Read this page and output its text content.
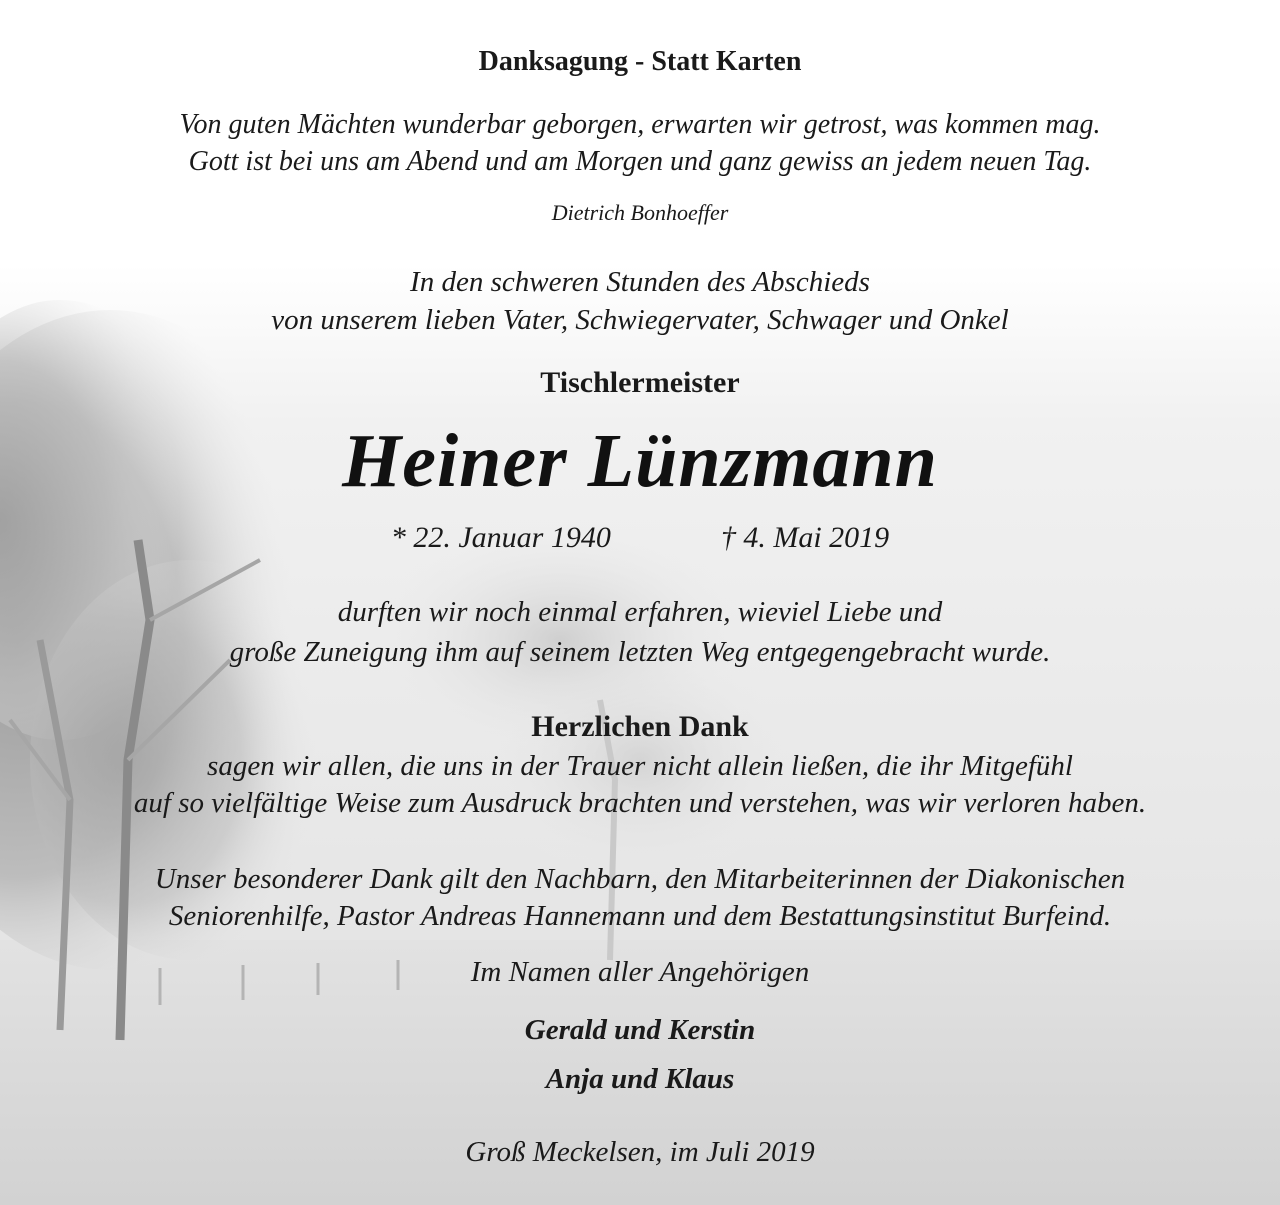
Danksagung - Statt Karten
Von guten Mächten wunderbar geborgen, erwarten wir getrost, was kommen mag.
Gott ist bei uns am Abend und am Morgen und ganz gewiss an jedem neuen Tag.
Dietrich Bonhoeffer
In den schweren Stunden des Abschieds
von unserem lieben Vater, Schwiegervater, Schwager und Onkel
Tischlermeister
Heiner Lünzmann
* 22. Januar 1940	† 4. Mai 2019
durften wir noch einmal erfahren, wieviel Liebe und
große Zuneigung ihm auf seinem letzten Weg entgegengebracht wurde.
Herzlichen Dank
sagen wir allen, die uns in der Trauer nicht allein ließen, die ihr Mitgefühl
auf so vielfältige Weise zum Ausdruck brachten und verstehen, was wir verloren haben.
Unser besonderer Dank gilt den Nachbarn, den Mitarbeiterinnen der Diakonischen
Seniorenhilfe, Pastor Andreas Hannemann und dem Bestattungsinstitut Burfeind.
Im Namen aller Angehörigen
Gerald und Kerstin
Anja und Klaus
Groß Meckelsen, im Juli 2019
